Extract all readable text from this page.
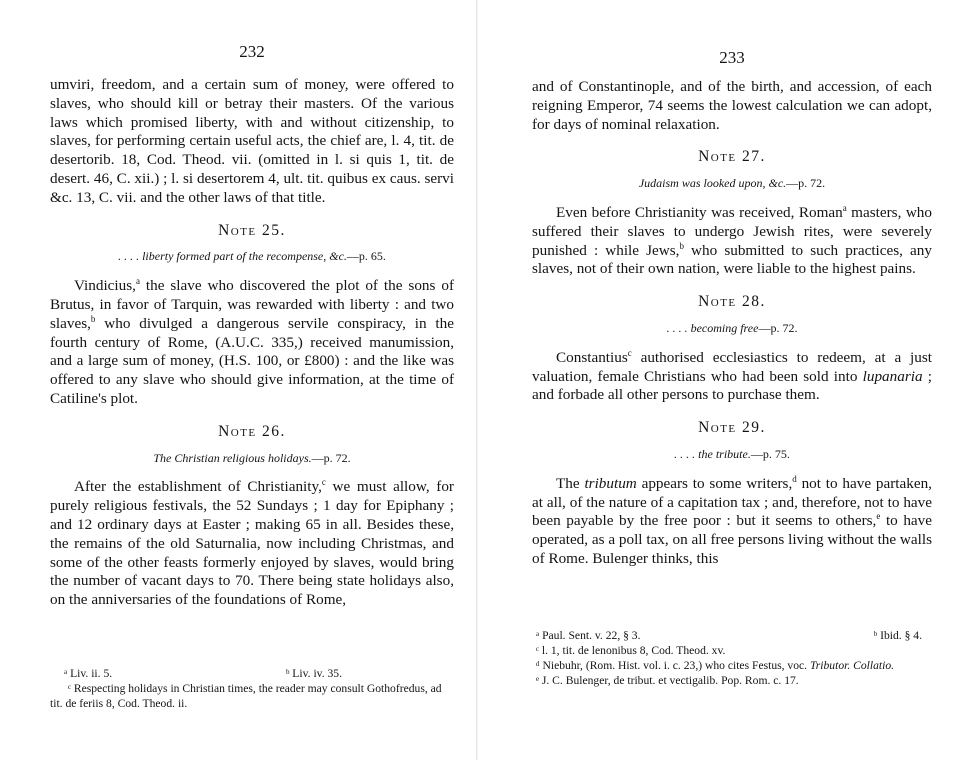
232

umviri, freedom, and a certain sum of money, were offered to slaves, who should kill or betray their masters. Of the various laws which promised liberty, with and without citizenship, to slaves, for performing certain useful acts, the chief are, l. 4, tit. de desertorib. 18, Cod. Theod. vii. (omitted in l. si quis 1, tit. de desert. 46, C. xii.) ; l. si desertorem 4, ult. tit. quibus ex caus. servi &c. 13, C. vii. and the other laws of that title.

Note 25.
. . . . liberty formed part of the recompense, &c.—p. 65.

Vindicius,$^a$ the slave who discovered the plot of the sons of Brutus, in favor of Tarquin, was rewarded with liberty : and two slaves,$^b$ who divulged a dangerous servile conspiracy, in the fourth century of Rome, (A.U.C. 335,) received manumission, and a large sum of money, (H.S. 100, or £800) : and the like was offered to any slave who should give information, at the time of Catiline's plot.

Note 26.
The Christian religious holidays.—p. 72.

After the establishment of Christianity,$^c$ we must allow, for purely religious festivals, the 52 Sundays ; 1 day for Epiphany ; and 12 ordinary days at Easter ; making 65 in all. Besides these, the remains of the old Saturnalia, now including Christmas, and some of the other feasts formerly enjoyed by slaves, would bring the number of vacant days to 70. There being state holidays also, on the anniversaries of the foundations of Rome,

ᵃ Liv. ii. 5.	ᵇ Liv. iv. 35.

ᶜ Respecting holidays in Christian times, the reader may consult Gothofredus, ad tit. de feriis 8, Cod. Theod. ii.

233

and of Constantinople, and of the birth, and accession, of each reigning Emperor, 74 seems the lowest calculation we can adopt, for days of nominal relaxation.

Note 27.
Judaism was looked upon, &c.—p. 72.

Even before Christianity was received, Roman$^a$ masters, who suffered their slaves to undergo Jewish rites, were severely punished : while Jews,$^b$ who submitted to such practices, any slaves, not of their own nation, were liable to the highest pains.

Note 28.
. . . . becoming free—p. 72.

Constantius$^c$ authorised ecclesiastics to redeem, at a just valuation, female Christians who had been sold into lupanaria ; and forbade all other persons to purchase them.

Note 29.
. . . . the tribute.—p. 75.

The tributum appears to some writers,$^d$ not to have partaken, at all, of the nature of a capitation tax ; and, therefore, not to have been payable by the free poor : but it seems to others,$^e$ to have operated, as a poll tax, on all free persons living without the walls of Rome. Bulenger thinks, this

ᵃ Paul. Sent. v. 22, § 3.	ᵇ Ibid. § 4.

ᶜ l. 1, tit. de lenonibus 8, Cod. Theod. xv.

ᵈ Niebuhr, (Rom. Hist. vol. i. c. 23,) who cites Festus, voc. Tributor. Collatio.

ᵉ J. C. Bulenger, de tribut. et vectigalib. Pop. Rom. c. 17.
